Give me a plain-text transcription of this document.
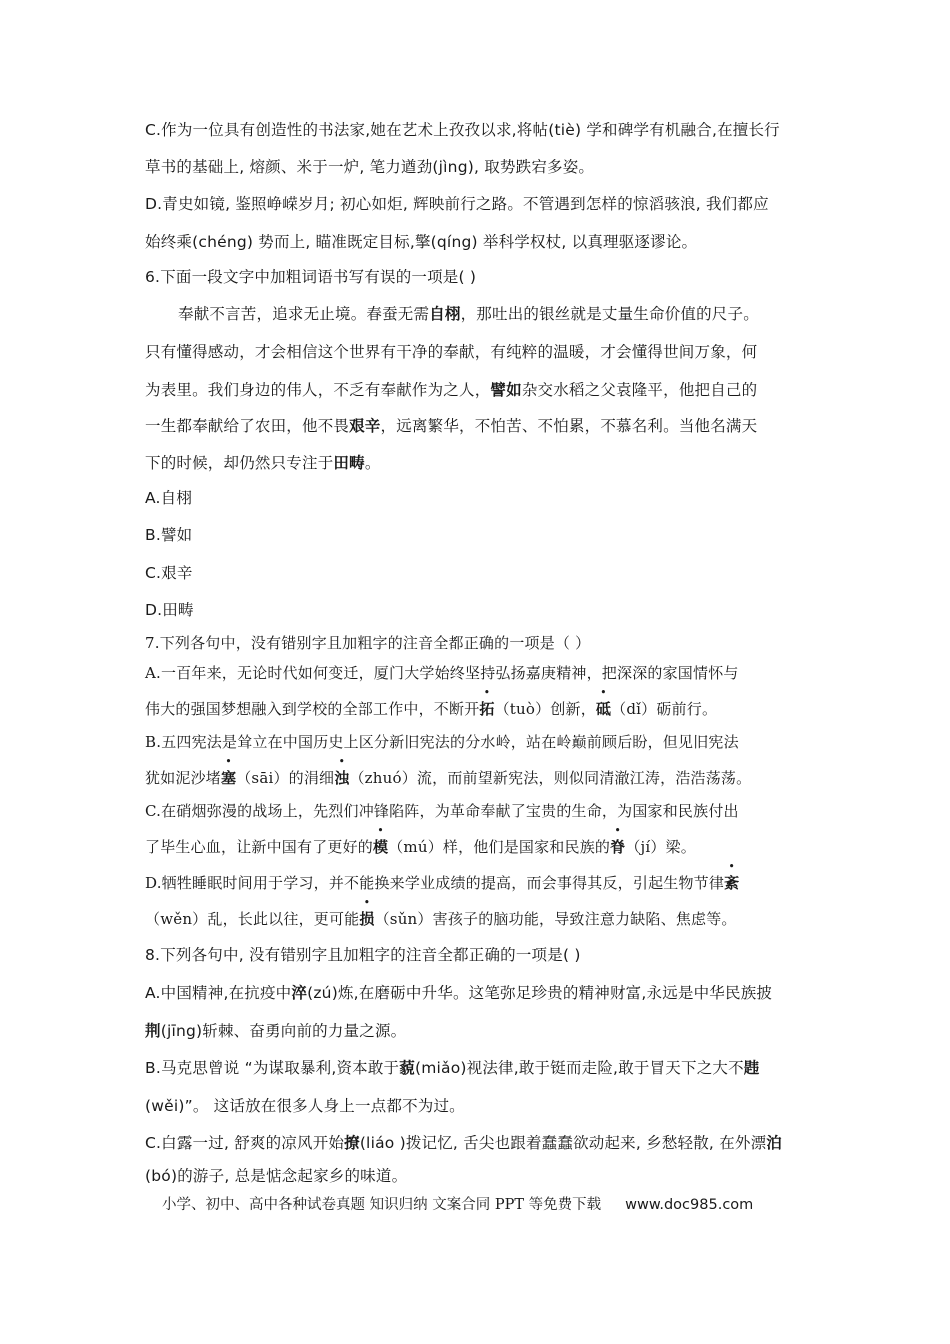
C.作为一位具有创造性的书法家,她在艺术上孜孜以求,将帖(tiè) 学和碑学有机融合,在擅长行
草书的基础上, 熔颜、米于一炉, 笔力遒劲(jìng), 取势跌宕多姿。
D.青史如镜, 鉴照峥嵘岁月; 初心如炬, 辉映前行之路。不管遇到怎样的惊滔骇浪, 我们都应
始终乘(chéng) 势而上, 瞄准既定目标,擎(qíng) 举科学权杖, 以真理驱逐谬论。
6.下面一段文字中加粗词语书写有误的一项是( )
奉献不言苦，追求无止境。春蚕无需自栩，那吐出的银丝就是丈量生命价值的尺子。
只有懂得感动，才会相信这个世界有干净的奉献，有纯粹的温暖，才会懂得世间万象，何
为表里。我们身边的伟人，不乏有奉献作为之人，譬如杂交水稻之父袁隆平，他把自己的
一生都奉献给了农田，他不畏艰辛，远离繁华，不怕苦、不怕累，不慕名利。当他名满天
下的时候，却仍然只专注于田畴。
A.自栩
B.譬如
C.艰辛
D.田畴
7.下列各句中，没有错别字且加粗字的注音全都正确的一项是（ ）
A.一百年来，无论时代如何变迁，厦门大学始终坚持弘扬嘉庚精神，把深深的家国情怀与
伟大的强国梦想融入到学校的全部工作中，不断开拓（tuò）创新，砥（dǐ）砺前行。
B.五四宪法是耸立在中国历史上区分新旧宪法的分水岭，站在岭巅前顾后盼，但见旧宪法
犹如泥沙堵塞（sāi）的涓细浊（zhuó）流，而前望新宪法，则似同清澈江涛，浩浩荡荡。
C.在硝烟弥漫的战场上，先烈们冲锋陷阵，为革命奉献了宝贵的生命，为国家和民族付出
了毕生心血，让新中国有了更好的模（mú）样，他们是国家和民族的脊（jí）梁。
D.牺牲睡眠时间用于学习，并不能换来学业成绩的提高，而会事得其反，引起生物节律紊
（wěn）乱，长此以往，更可能损（sǔn）害孩子的脑功能，导致注意力缺陷、焦虑等。
8.下列各句中, 没有错别字且加粗字的注音全都正确的一项是( )
A.中国精神,在抗疫中淬(zú)炼,在磨砺中升华。这笔弥足珍贵的精神财富,永远是中华民族披
荆(jīng)斩棘、奋勇向前的力量之源。
B.马克思曾说 “为谋取暴利,资本敢于藐(miǎo)视法律,敢于铤而走险,敢于冒天下之大不韪
(wěi)”。 这话放在很多人身上一点都不为过。
C.白露一过, 舒爽的凉风开始撩(liáo )拨记忆, 舌尖也跟着蠢蠢欲动起来, 乡愁轻散, 在外漂泊
(bó)的游子, 总是惦念起家乡的味道。
小学、初中、高中各种试卷真题 知识归纳 文案合同 PPT 等免费下载 www.doc985.com
